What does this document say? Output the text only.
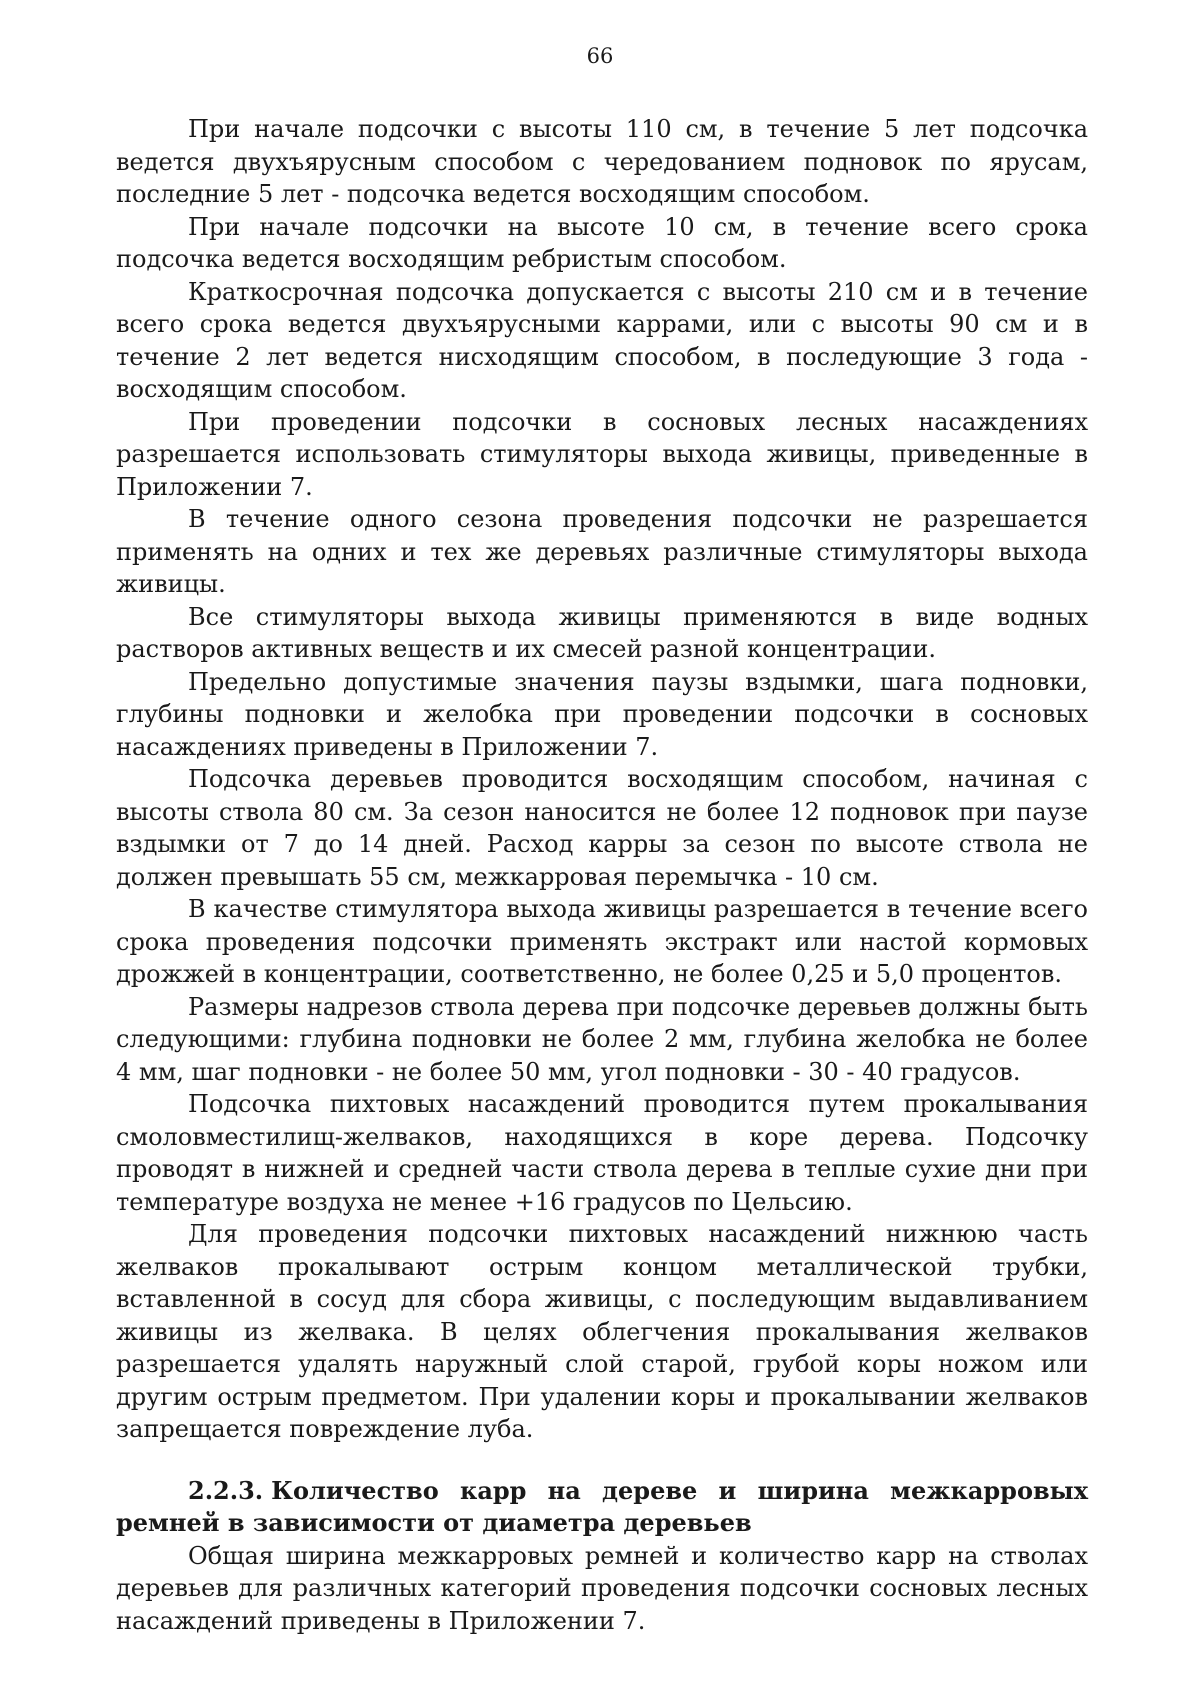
66

При начале подсочки с высоты 110 см, в течение 5 лет подсочка ведется двухъярусным способом с чередованием подновок по ярусам, последние 5 лет - подсочка ведется восходящим способом.

При начале подсочки на высоте 10 см, в течение всего срока подсочка ведется восходящим ребристым способом.

Краткосрочная подсочка допускается с высоты 210 см и в течение всего срока ведется двухъярусными каррами, или с высоты 90 см и в течение 2 лет ведется нисходящим способом, в последующие 3 года - восходящим способом.

При проведении подсочки в сосновых лесных насаждениях разрешается использовать стимуляторы выхода живицы, приведенные в Приложении 7.

В течение одного сезона проведения подсочки не разрешается применять на одних и тех же деревьях различные стимуляторы выхода живицы.

Все стимуляторы выхода живицы применяются в виде водных растворов активных веществ и их смесей разной концентрации.

Предельно допустимые значения паузы вздымки, шага подновки, глубины подновки и желобка при проведении подсочки в сосновых насаждениях приведены в Приложении 7.

Подсочка деревьев проводится восходящим способом, начиная с высоты ствола 80 см. За сезон наносится не более 12 подновок при паузе вздымки от 7 до 14 дней. Расход карры за сезон по высоте ствола не должен превышать 55 см, межкарровая перемычка - 10 см.

В качестве стимулятора выхода живицы разрешается в течение всего срока проведения подсочки применять экстракт или настой кормовых дрожжей в концентрации, соответственно, не более 0,25 и 5,0 процентов.

Размеры надрезов ствола дерева при подсочке деревьев должны быть следующими: глубина подновки не более 2 мм, глубина желобка не более 4 мм, шаг подновки - не более 50 мм, угол подновки - 30 - 40 градусов.

Подсочка пихтовых насаждений проводится путем прокалывания смоловместилищ-желваков, находящихся в коре дерева. Подсочку проводят в нижней и средней части ствола дерева в теплые сухие дни при температуре воздуха не менее +16 градусов по Цельсию.

Для проведения подсочки пихтовых насаждений нижнюю часть желваков прокалывают острым концом металлической трубки, вставленной в сосуд для сбора живицы, с последующим выдавливанием живицы из желвака. В целях облегчения прокалывания желваков разрешается удалять наружный слой старой, грубой коры ножом или другим острым предметом. При удалении коры и прокалывании желваков запрещается повреждение луба.

2.2.3. Количество карр на дереве и ширина межкарровых ремней в зависимости от диаметра деревьев

Общая ширина межкарровых ремней и количество карр на стволах деревьев для различных категорий проведения подсочки сосновых лесных насаждений приведены в Приложении 7.
